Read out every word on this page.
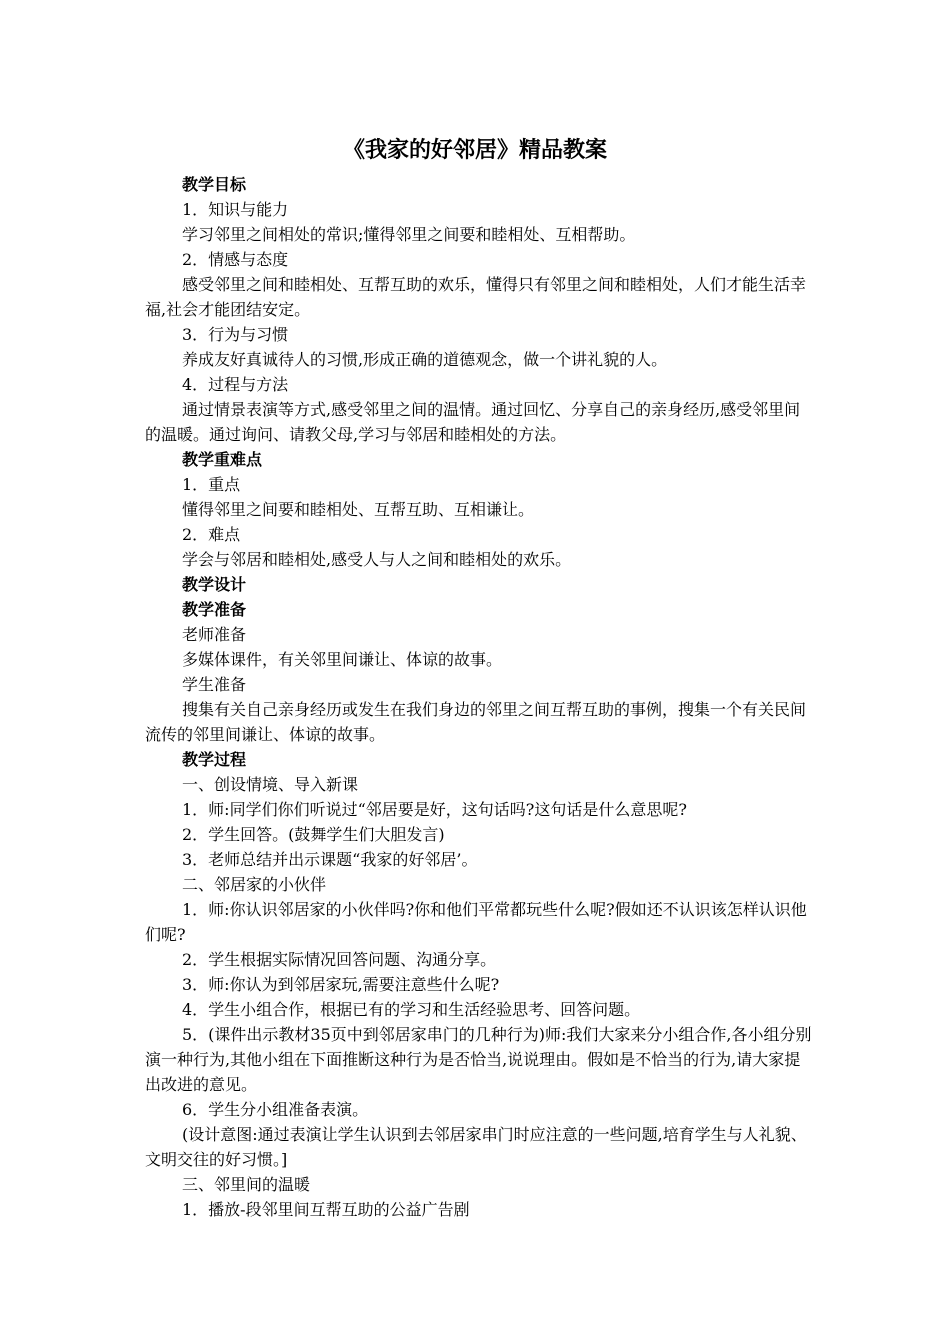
《我家的好邻居》精品教案

教学目标

1．知识与能力

学习邻里之间相处的常识;懂得邻里之间要和睦相处、互相帮助。

2．情感与态度

感受邻里之间和睦相处、互帮互助的欢乐，懂得只有邻里之间和睦相处，人们才能生活幸福,社会才能团结安定。

3．行为与习惯

养成友好真诚待人的习惯,形成正确的道德观念，做一个讲礼貌的人。

4．过程与方法

通过情景表演等方式,感受邻里之间的温情。通过回忆、分享自己的亲身经历,感受邻里间的温暖。通过询问、请教父母,学习与邻居和睦相处的方法。

教学重难点

1．重点

懂得邻里之间要和睦相处、互帮互助、互相谦让。

2．难点

学会与邻居和睦相处,感受人与人之间和睦相处的欢乐。

教学设计

教学准备

老师准备

多媒体课件，有关邻里间谦让、体谅的故事。

学生准备

搜集有关自己亲身经历或发生在我们身边的邻里之间互帮互助的事例，搜集一个有关民间流传的邻里间谦让、体谅的故事。

教学过程

一、创设情境、导入新课

1．师:同学们你们听说过“邻居要是好，这句话吗?这句话是什么意思呢?

2．学生回答。(鼓舞学生们大胆发言)

3．老师总结并出示课题“我家的好邻居’。

二、邻居家的小伙伴

1．师:你认识邻居家的小伙伴吗?你和他们平常都玩些什么呢?假如还不认识该怎样认识他们呢?

2．学生根据实际情况回答问题、沟通分享。

3．师:你认为到邻居家玩,需要注意些什么呢?

4．学生小组合作，根据已有的学习和生活经验思考、回答问题。

5．(课件出示教材35页中到邻居家串门的几种行为)师:我们大家来分小组合作,各小组分别演一种行为,其他小组在下面推断这种行为是否恰当,说说理由。假如是不恰当的行为,请大家提出改进的意见。

6．学生分小组准备表演。

(设计意图:通过表演让学生认识到去邻居家串门时应注意的一些问题,培育学生与人礼貌、文明交往的好习惯。]

三、邻里间的温暖

1．播放-段邻里间互帮互助的公益广告剧
